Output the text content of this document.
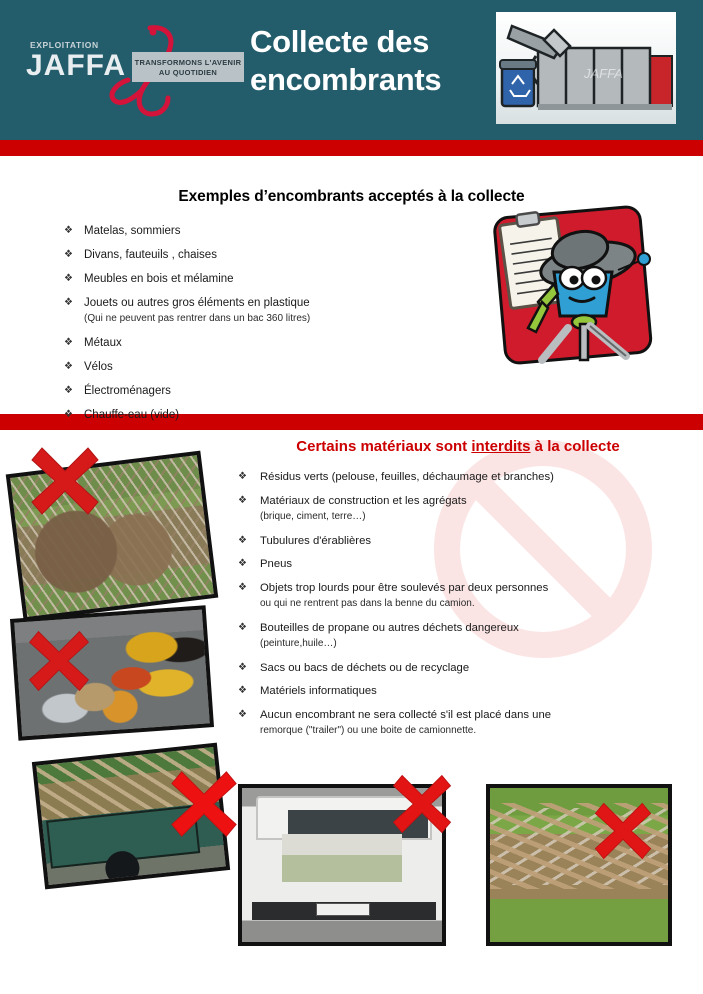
EXPLOITATION
JAFFA	TRANSFORMONS L'AVENIR
AU QUOTIDIEN
Collecte des
encombrants	JAFFA
Exemples d’encombrants acceptés à la collecte
❖ Matelas, sommiers
❖ Divans, fauteuils , chaises
❖ Meubles en bois et mélamine
❖ Jouets ou autres gros éléments en plastique
(Qui ne peuvent pas rentrer dans un bac 360 litres)
❖ Métaux
❖ Vélos
❖ Électroménagers
❖ Chauffe-eau (vide)
Certains matériaux sont interdits à la collecte
❖ Résidus verts (pelouse, feuilles, déchaumage et branches)
❖ Matériaux de construction et les agrégats
(brique, ciment, terre…)
❖ Tubulures d'érablières
❖ Pneus
❖ Objets trop lourds pour être soulevés par deux personnes
ou qui ne rentrent pas dans la benne du camion.
❖ Bouteilles de propane ou autres déchets dangereux
(peinture,huile…)
❖ Sacs ou bacs de déchets ou de recyclage
❖ Matériels informatiques
❖ Aucun encombrant ne sera collecté s'il est placé dans une
remorque ("trailer") ou une boite de camionnette.
